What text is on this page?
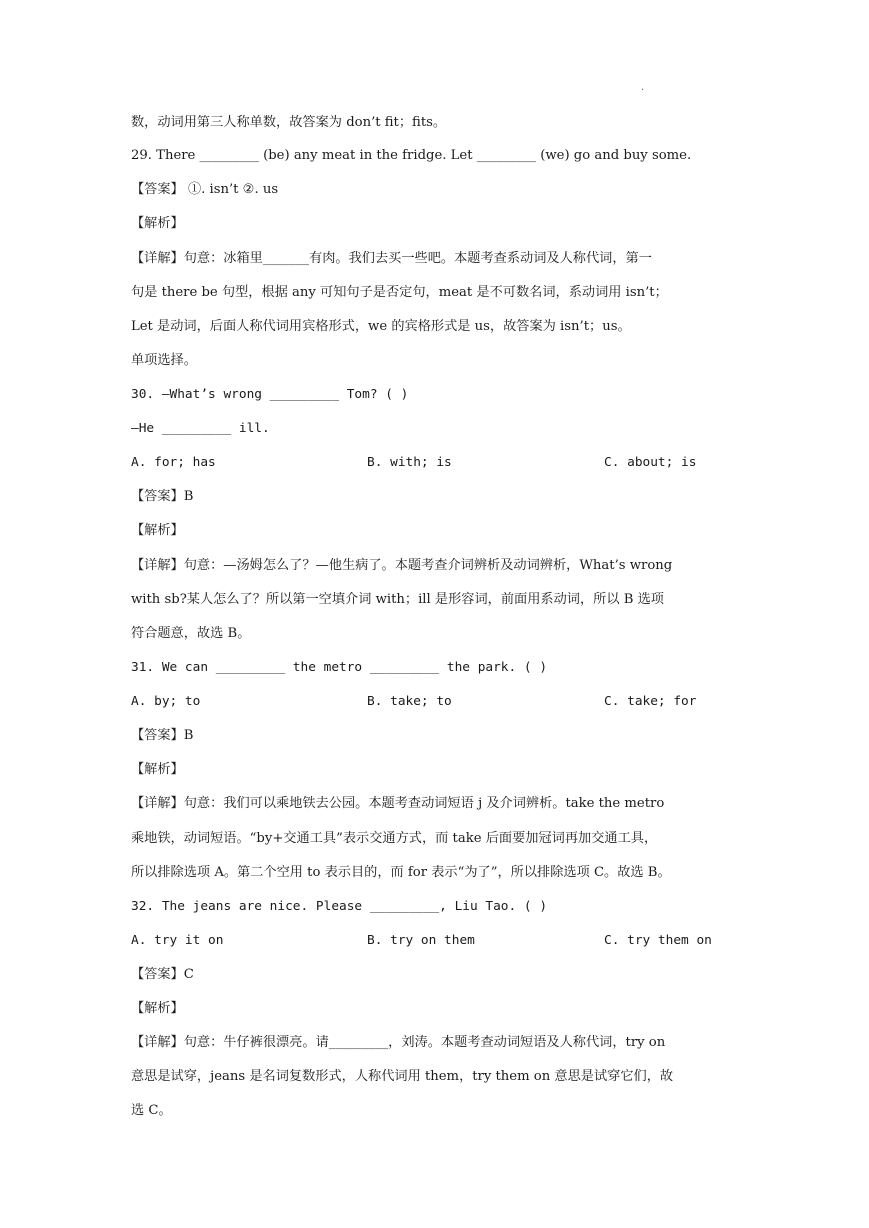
.
数，动词用第三人称单数，故答案为 don’t fit；fits。
29. There _________ (be) any meat in the fridge. Let _________ (we) go and buy some.
【答案】 ①. isn’t ②. us
【解析】
【详解】句意：冰箱里_______有肉。我们去买一些吧。本题考查系动词及人称代词，第一
句是 there be 句型，根据 any 可知句子是否定句，meat 是不可数名词，系动词用 isn’t；
Let 是动词，后面人称代词用宾格形式，we 的宾格形式是 us，故答案为 isn’t；us。
单项选择。
30. —What’s wrong _________ Tom? ( )
—He _________ ill.
A. for; has	B. with; is	C. about; is
【答案】B
【解析】
【详解】句意：—汤姆怎么了？—他生病了。本题考查介词辨析及动词辨析，What’s wrong
with sb?某人怎么了？所以第一空填介词 with；ill 是形容词，前面用系动词，所以 B 选项
符合题意，故选 B。
31. We can _________ the metro _________ the park. ( )
A. by; to	B. take; to	C. take; for
【答案】B
【解析】
【详解】句意：我们可以乘地铁去公园。本题考查动词短语 j 及介词辨析。take the metro
乘地铁，动词短语。“by+交通工具”表示交通方式，而 take 后面要加冠词再加交通工具，
所以排除选项 A。第二个空用 to 表示目的，而 for 表示“为了”，所以排除选项 C。故选 B。
32. The jeans are nice. Please _________, Liu Tao. ( )
A. try it on	B. try on them	C. try them on
【答案】C
【解析】
【详解】句意：牛仔裤很漂亮。请_________，刘涛。本题考查动词短语及人称代词，try on
意思是试穿，jeans 是名词复数形式，人称代词用 them，try them on 意思是试穿它们，故
选 C。
